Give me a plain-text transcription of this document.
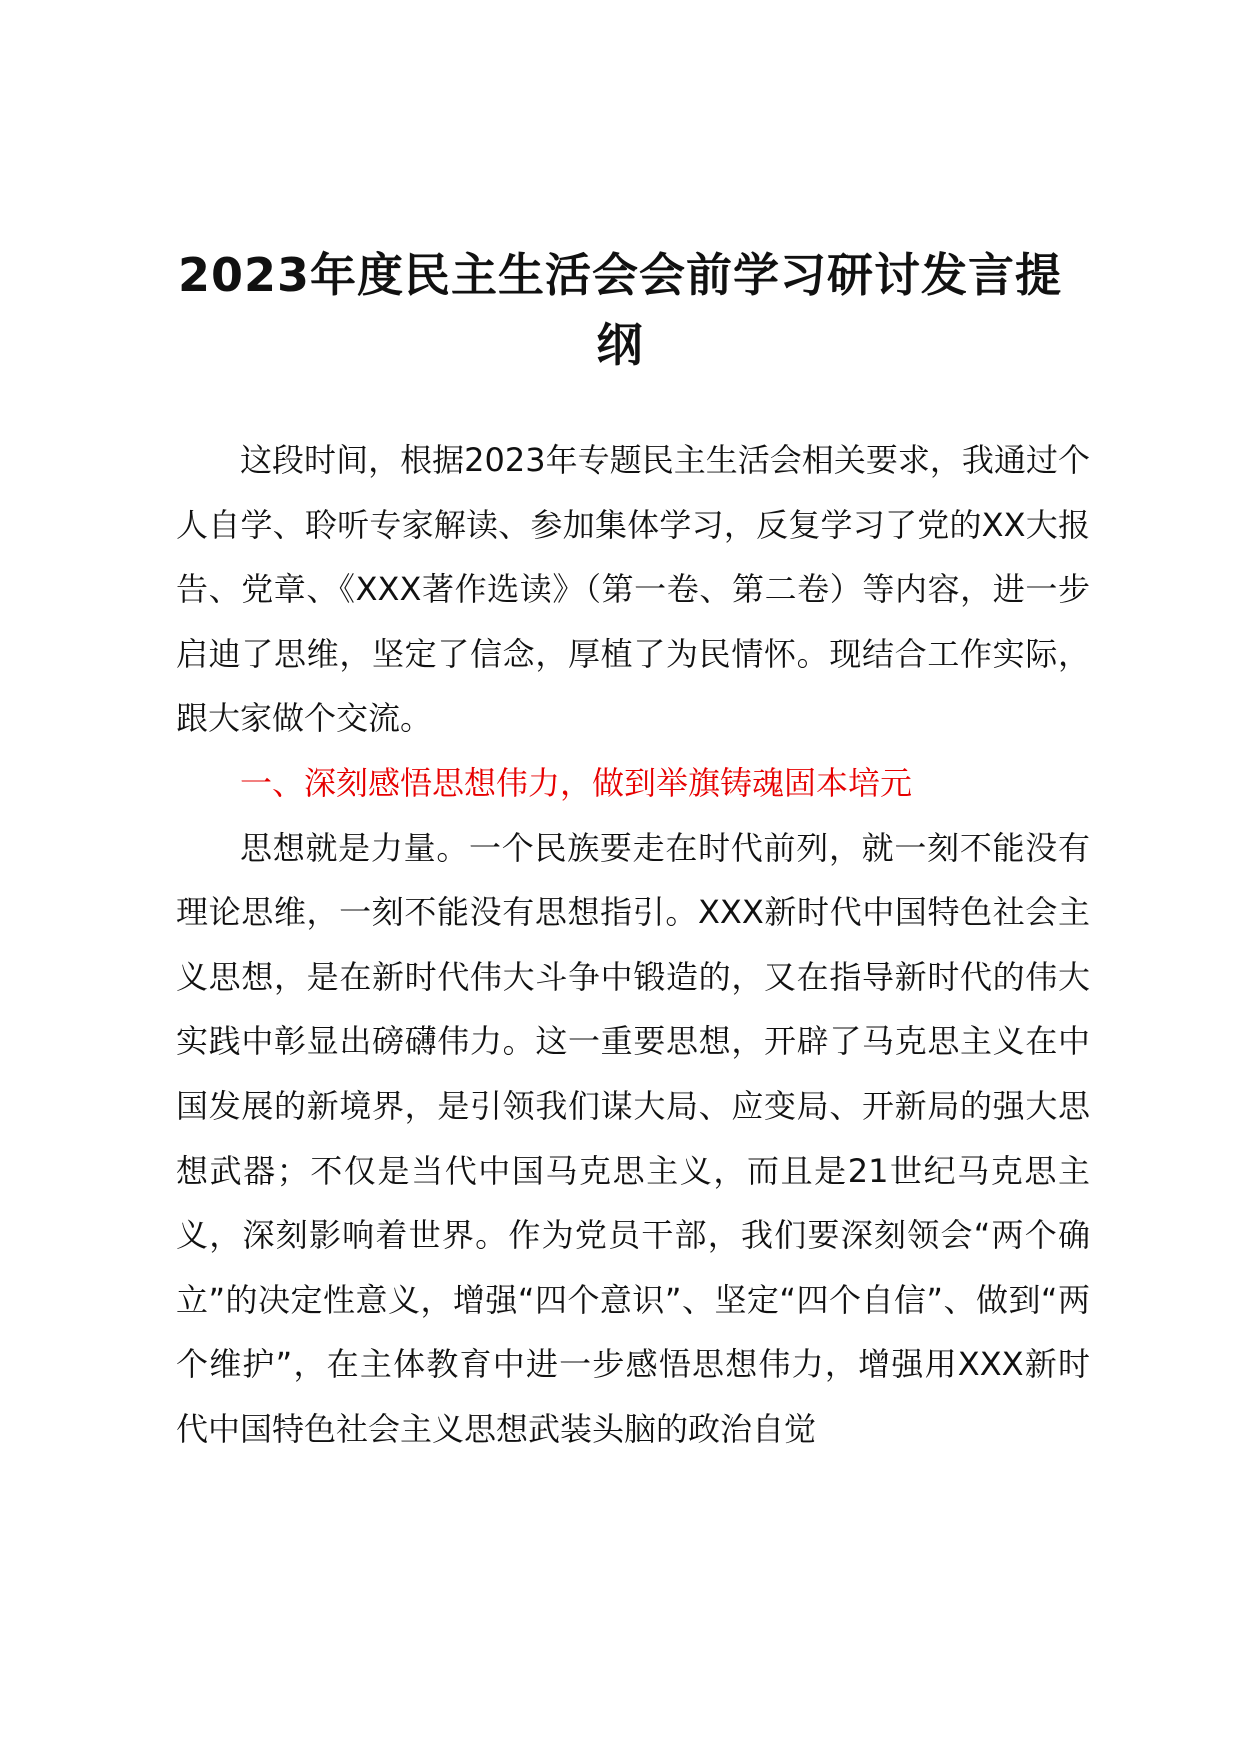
2023年度民主生活会会前学习研讨发言提纲

这段时间，根据2023年专题民主生活会相关要求，我通过个人自学、聆听专家解读、参加集体学习，反复学习了党的XX大报告、党章、《XXX著作选读》（第一卷、第二卷）等内容，进一步启迪了思维，坚定了信念，厚植了为民情怀。现结合工作实际，跟大家做个交流。

一、深刻感悟思想伟力，做到举旗铸魂固本培元

思想就是力量。一个民族要走在时代前列，就一刻不能没有理论思维，一刻不能没有思想指引。XXX新时代中国特色社会主义思想，是在新时代伟大斗争中锻造的，又在指导新时代的伟大实践中彰显出磅礴伟力。这一重要思想，开辟了马克思主义在中国发展的新境界，是引领我们谋大局、应变局、开新局的强大思想武器；不仅是当代中国马克思主义，而且是21世纪马克思主义，深刻影响着世界。作为党员干部，我们要深刻领会“两个确立”的决定性意义，增强“四个意识”、坚定“四个自信”、做到“两个维护”，在主体教育中进一步感悟思想伟力，增强用XXX新时代中国特色社会主义思想武装头脑的政治自觉
